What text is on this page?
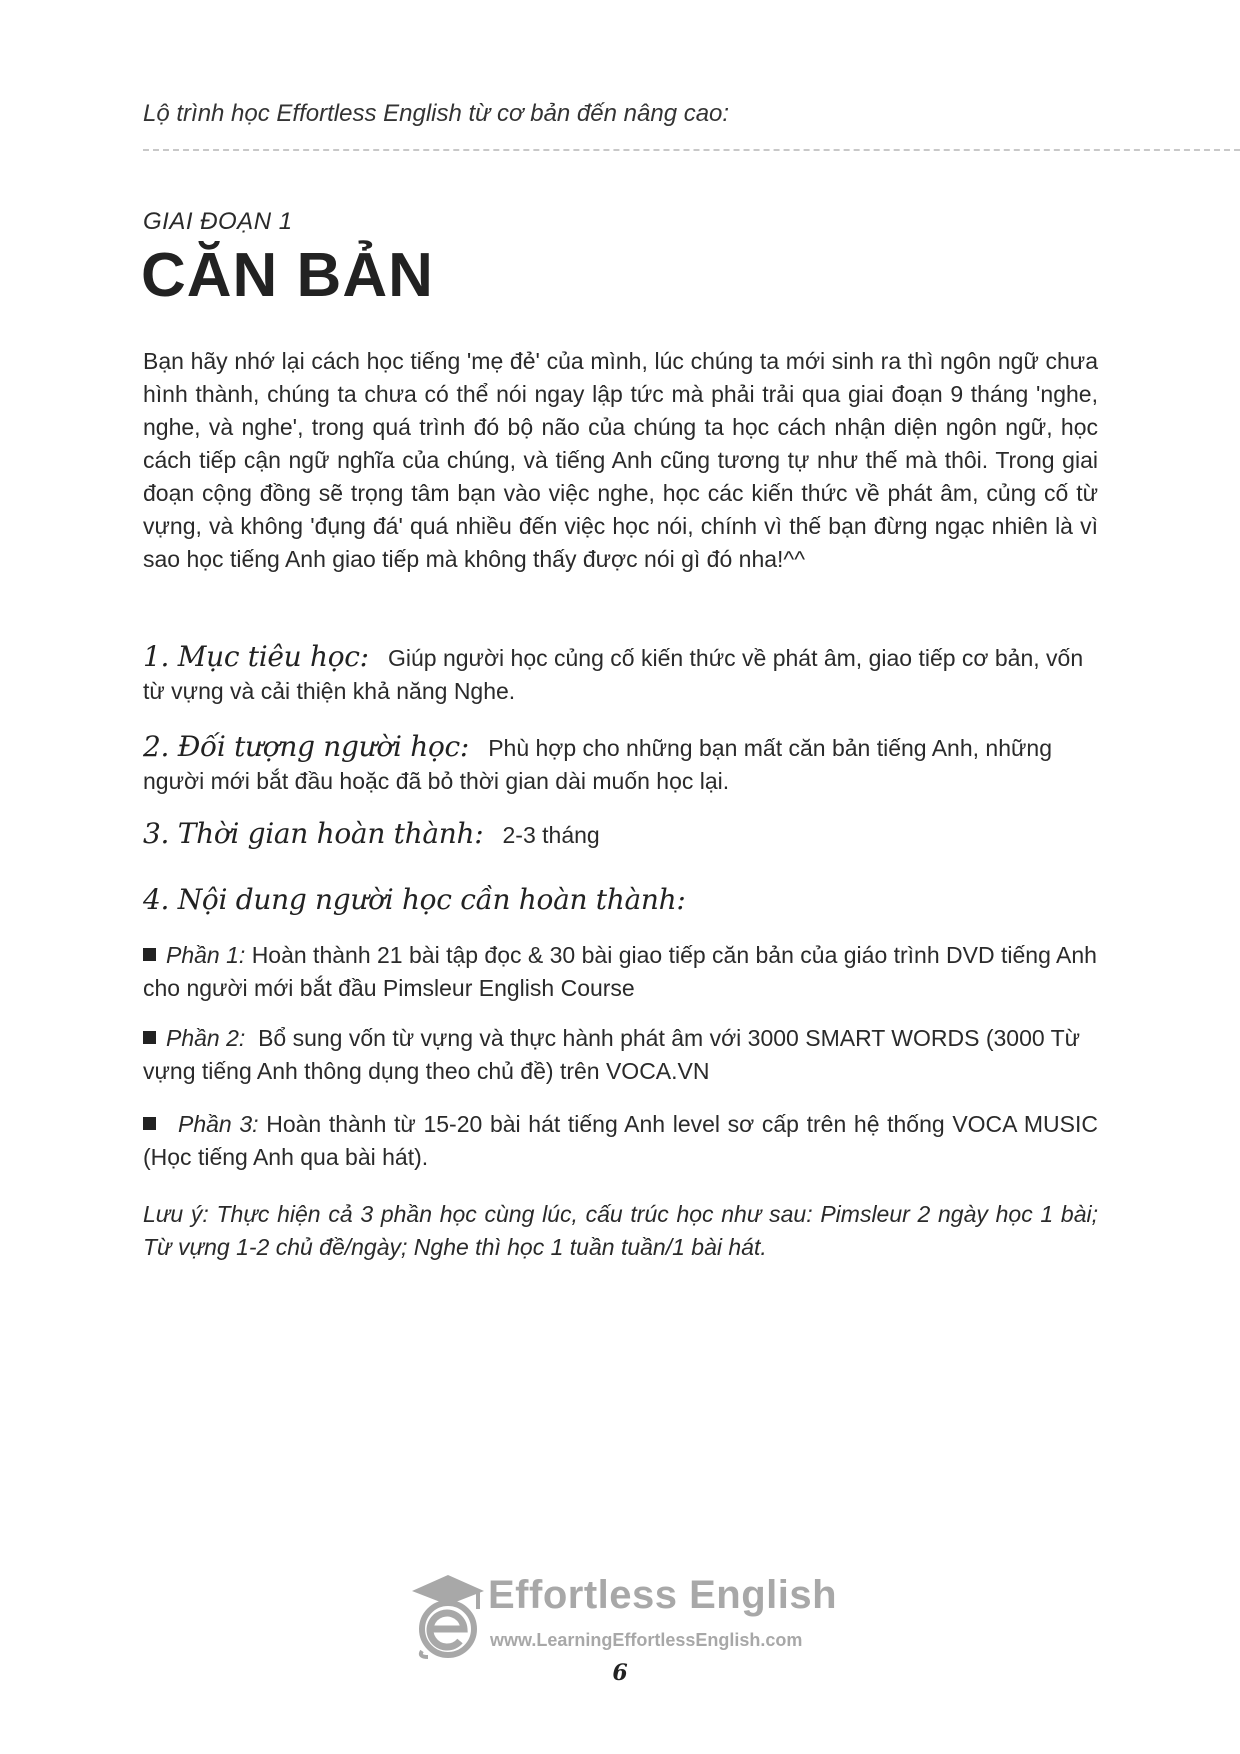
Lộ trình học Effortless English từ cơ bản đến nâng cao:
GIAI ĐOẠN 1
CĂN BẢN
Bạn hãy nhớ lại cách học tiếng 'mẹ đẻ' của mình, lúc chúng ta mới sinh ra thì ngôn ngữ chưa hình thành, chúng ta chưa có thể nói ngay lập tức mà phải trải qua giai đoạn 9 tháng 'nghe, nghe, và nghe', trong quá trình đó bộ não của chúng ta học cách nhận diện ngôn ngữ, học cách tiếp cận ngữ nghĩa của chúng, và tiếng Anh cũng tương tự như thế mà thôi. Trong giai đoạn cộng đồng sẽ trọng tâm bạn vào việc nghe, học các kiến thức về phát âm, củng cố từ vựng, và không 'đụng đá' quá nhiều đến việc học nói, chính vì thế bạn đừng ngạc nhiên là vì sao học tiếng Anh giao tiếp mà không thấy được nói gì đó nha!^^
1. Mục tiêu học: Giúp người học củng cố kiến thức về phát âm, giao tiếp cơ bản, vốn từ vựng và cải thiện khả năng Nghe.
2. Đối tượng người học: Phù hợp cho những bạn mất căn bản tiếng Anh, những người mới bắt đầu hoặc đã bỏ thời gian dài muốn học lại.
3. Thời gian hoàn thành: 2-3 tháng
4. Nội dung người học cần hoàn thành:
Phần 1: Hoàn thành 21 bài tập đọc & 30 bài giao tiếp căn bản của giáo trình DVD tiếng Anh cho người mới bắt đầu Pimsleur English Course
Phần 2: Bổ sung vốn từ vựng và thực hành phát âm với 3000 SMART WORDS (3000 Từ vựng tiếng Anh thông dụng theo chủ đề) trên VOCA.VN
Phần 3: Hoàn thành từ 15-20 bài hát tiếng Anh level sơ cấp trên hệ thống VOCA MUSIC (Học tiếng Anh qua bài hát).
Lưu ý: Thực hiện cả 3 phần học cùng lúc, cấu trúc học như sau: Pimsleur 2 ngày học 1 bài; Từ vựng 1-2 chủ đề/ngày; Nghe thì học 1 tuần tuần/1 bài hát.
Effortless English
www.LearningEffortlessEnglish.com
6
